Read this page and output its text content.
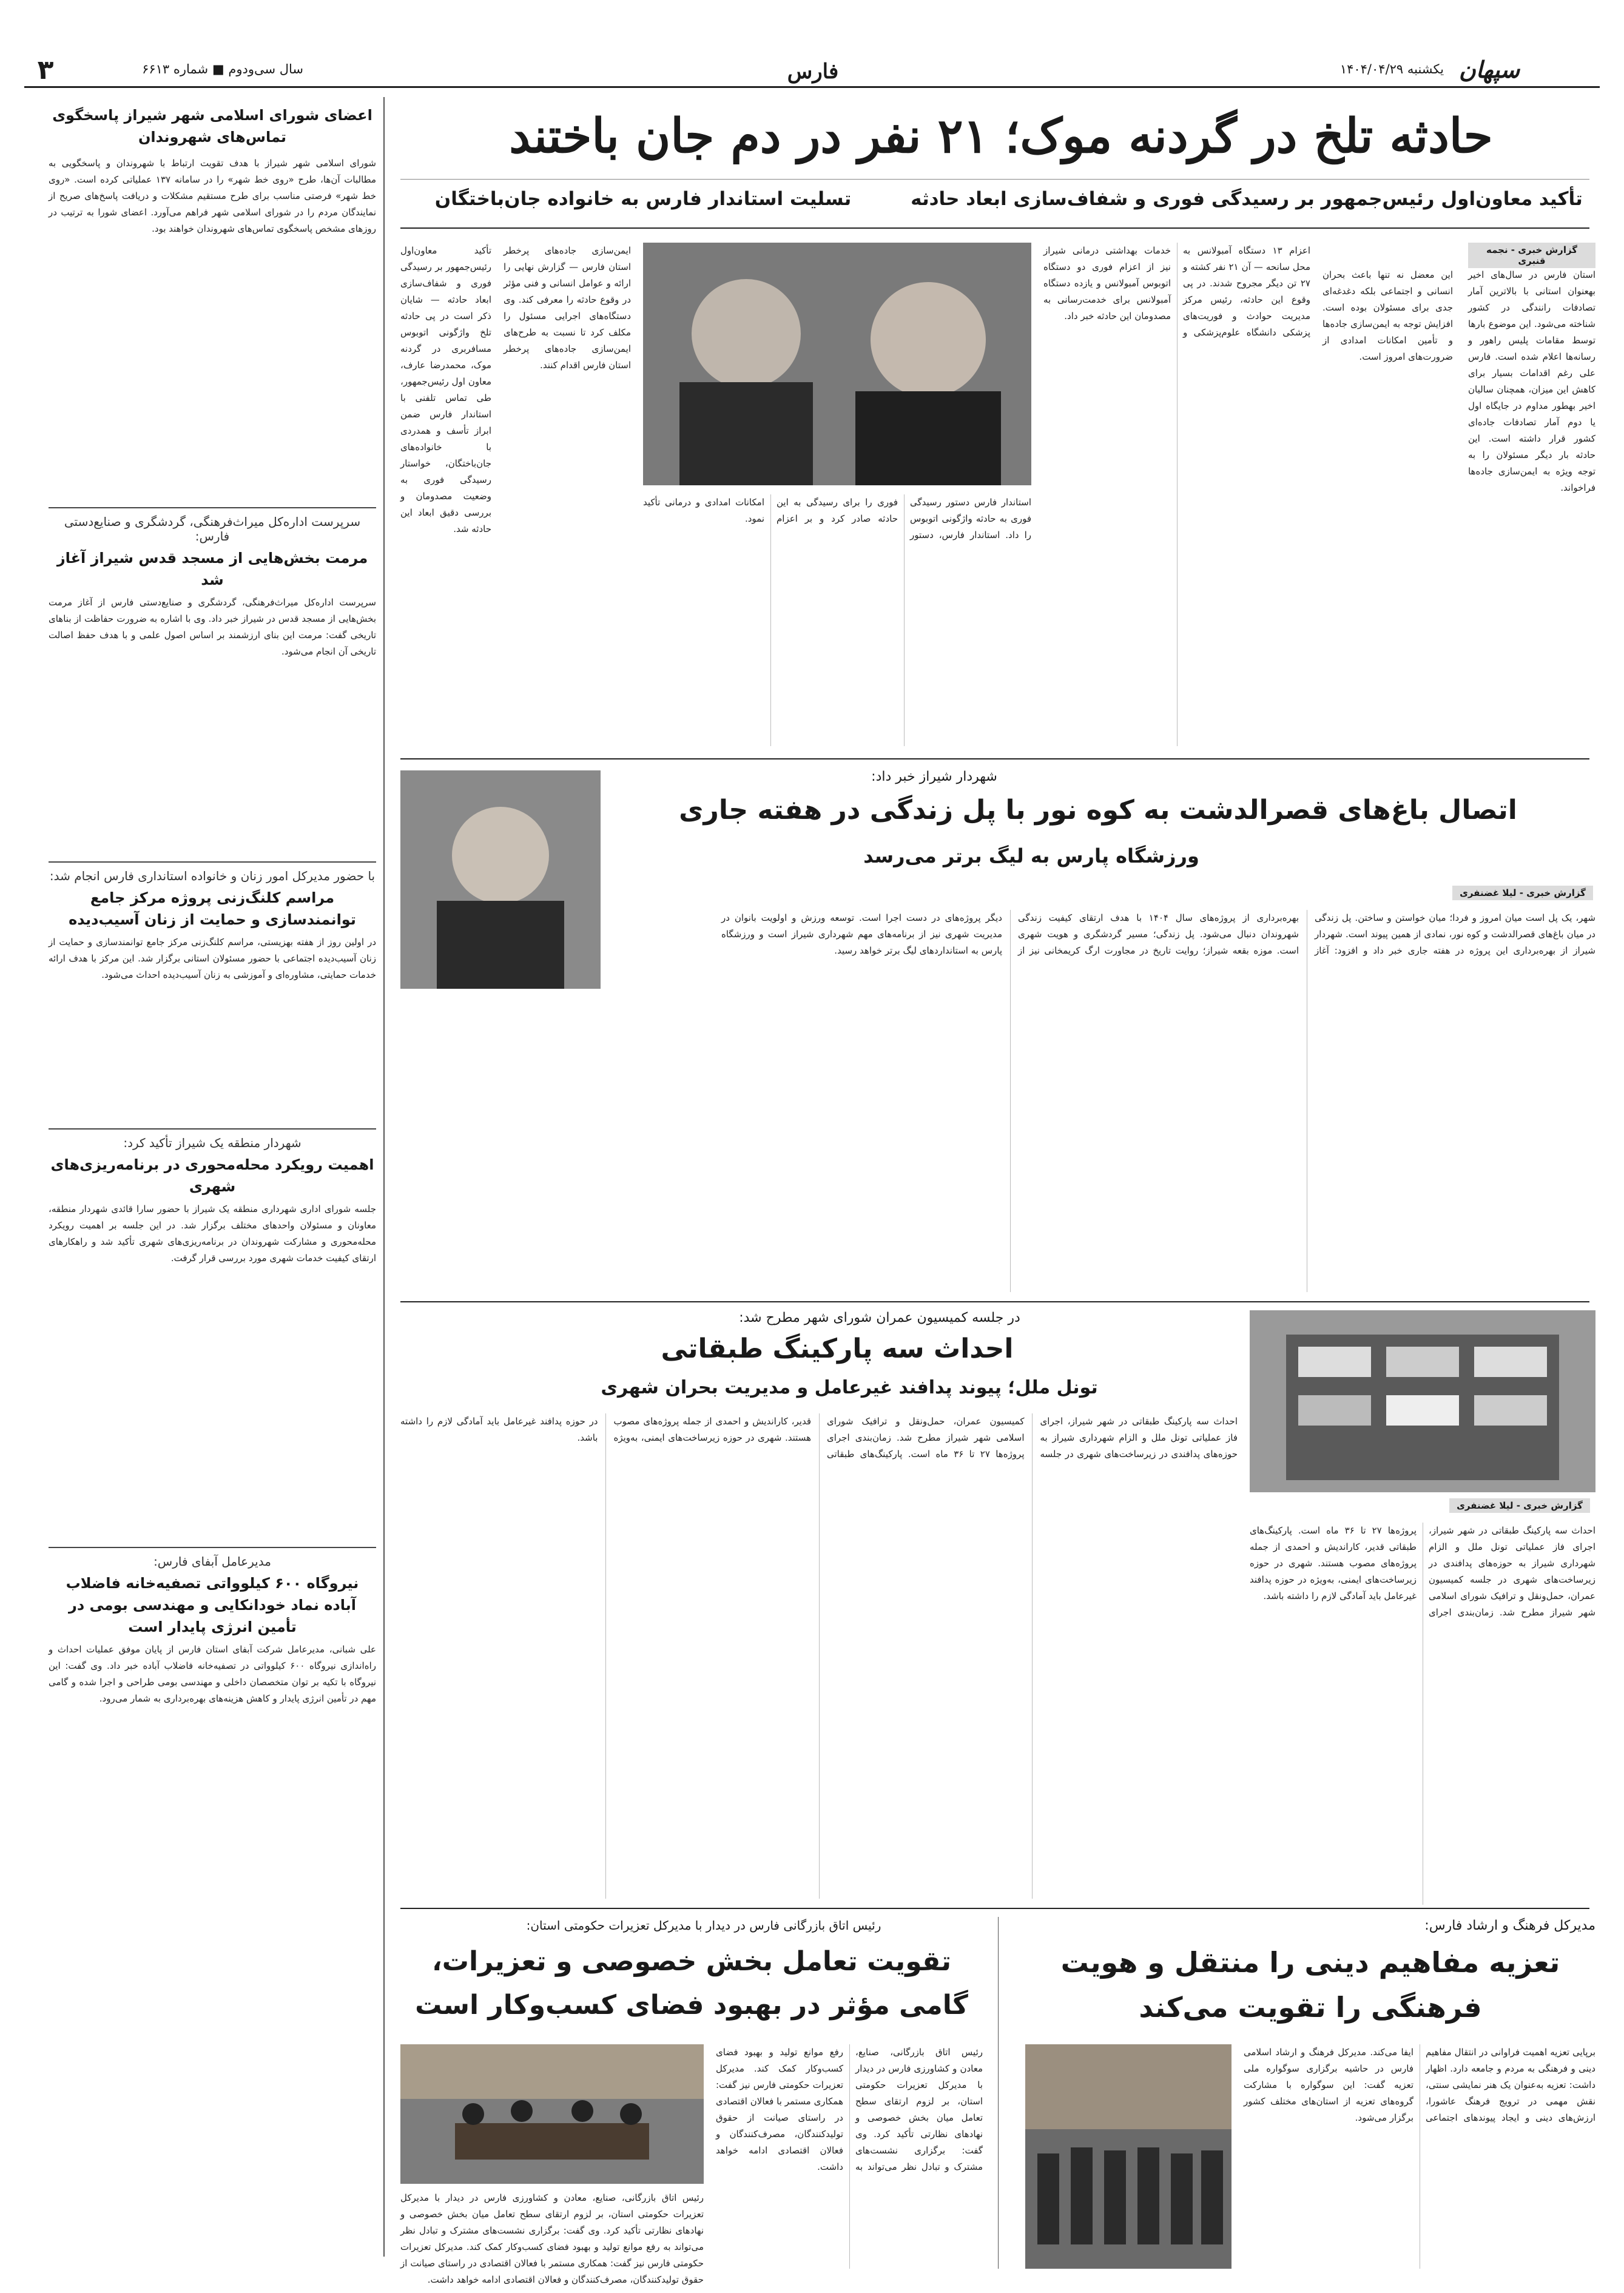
۳	سال سی‌ودوم ■ شماره ۶۶۱۳	فارس	سپهان
یکشنبه ۱۴۰۴/۰۴/۲۹
اعضای شورای اسلامی شهر شیراز پاسخگوی تماس‌های شهروندان
شورای اسلامی شهر شیراز با هدف تقویت ارتباط با شهروندان و پاسخگویی به مطالبات آن‌ها، طرح «روی خط شهر» را در سامانه ۱۳۷ عملیاتی کرده است. «روی خط شهر» فرصتی مناسب برای طرح مستقیم مشکلات و دریافت پاسخ‌های صریح از نمایندگان مردم را در شورای اسلامی شهر فراهم می‌آورد. اعضای شورا به ترتیب در روزهای مشخص پاسخگوی تماس‌های شهروندان خواهند بود.
سرپرست اداره‌کل میراث‌فرهنگی، گردشگری و صنایع‌دستی فارس:
مرمت بخش‌هایی از مسجد قدس شیراز آغاز شد
سرپرست اداره‌کل میراث‌فرهنگی، گردشگری و صنایع‌دستی فارس از آغاز مرمت بخش‌هایی از مسجد قدس در شیراز خبر داد. وی با اشاره به ضرورت حفاظت از بناهای تاریخی گفت: مرمت این بنای ارزشمند بر اساس اصول علمی و با هدف حفظ اصالت تاریخی آن انجام می‌شود.
با حضور مدیرکل امور زنان و خانواده استانداری فارس انجام شد:
مراسم کلنگ‌زنی پروژه مرکز جامع توانمندسازی و حمایت از زنان آسیب‌دیده
در اولین روز از هفته بهزیستی، مراسم کلنگ‌زنی مرکز جامع توانمندسازی و حمایت از زنان آسیب‌دیده اجتماعی با حضور مسئولان استانی برگزار شد. این مرکز با هدف ارائه خدمات حمایتی، مشاوره‌ای و آموزشی به زنان آسیب‌دیده احداث می‌شود.
شهردار منطقه یک شیراز تأکید کرد:
اهمیت رویکرد محله‌محوری در برنامه‌ریزی‌های شهری
جلسه شورای اداری شهرداری منطقه یک شیراز با حضور سارا قائدی شهردار منطقه، معاونان و مسئولان واحدهای مختلف برگزار شد. در این جلسه بر اهمیت رویکرد محله‌محوری و مشارکت شهروندان در برنامه‌ریزی‌های شهری تأکید شد و راهکارهای ارتقای کیفیت خدمات شهری مورد بررسی قرار گرفت.
مدیرعامل آبفای فارس:
نیروگاه ۶۰۰ کیلوواتی تصفیه‌خانه فاضلاب آباده نماد خودانکایی و مهندسی بومی در تأمین انرژی پایدار است
علی شبانی، مدیرعامل شرکت آبفای استان فارس از پایان موفق عملیات احداث و راه‌اندازی نیروگاه ۶۰۰ کیلوواتی در تصفیه‌خانه فاضلاب آباده خبر داد. وی گفت: این نیروگاه با تکیه بر توان متخصصان داخلی و مهندسی بومی طراحی و اجرا شده و گامی مهم در تأمین انرژی پایدار و کاهش هزینه‌های بهره‌برداری به شمار می‌رود.
حادثه تلخ در گردنه موک؛ ۲۱ نفر در دم جان باختند
تأکید معاون‌اول رئیس‌جمهور بر رسیدگی فوری و شفاف‌سازی ابعاد حادثه
تسلیت استاندار فارس به خانواده جان‌باختگان
گزارش خبری - نجمه قنبری
استان فارس در سال‌های اخیر بهعنوان استانی با بالاترین آمار تصادفات رانندگی در کشور شناخته می‌شود. این موضوع بارها توسط مقامات پلیس راهور و رسانه‌ها اعلام شده است. فارس علی رغم اقدامات بسیار برای کاهش این میزان، همچنان سالیان اخیر بهطور مداوم در جایگاه اول یا دوم آمار تصادفات جاده‌ای کشور قرار داشته است. این حادثه بار دیگر مسئولان را به توجه ویژه به ایمن‌سازی جاده‌ها فراخواند.
این معضل نه تنها باعث بحران انسانی و اجتماعی بلکه دغدغه‌ای جدی برای مسئولان بوده است. افزایش توجه به ایمن‌سازی جاده‌ها و تأمین امکانات امدادی از ضرورت‌های امروز است.
اعزام ۱۳ دستگاه آمبولانس به محل سانحه — آن ۲۱ نفر کشته و ۲۷ تن دیگر مجروح شدند. در پی وقوع این حادثه، رئیس مرکز مدیریت حوادث و فوریت‌های پزشکی دانشگاه علوم‌پزشکی و خدمات بهداشتی درمانی شیراز نیز از اعزام فوری دو دستگاه اتوبوس آمبولانس و یازده دستگاه آمبولانس برای خدمت‌رسانی به مصدومان این حادثه خبر داد.
استاندار فارس دستور رسیدگی فوری به حادثه واژگونی اتوبوس را داد. استاندار فارس، دستور فوری را برای رسیدگی به این حادثه صادر کرد و بر اعزام امکانات امدادی و درمانی تأکید نمود.
ایمن‌سازی جاده‌های پرخطر استان فارس — گزارش نهایی را ارائه و عوامل انسانی و فنی مؤثر در وقوع حادثه را معرفی کند. وی دستگاه‌های اجرایی مسئول را مکلف کرد تا نسبت به طرح‌های ایمن‌سازی جاده‌های پرخطر استان فارس اقدام کنند.
تأکید معاون‌اول رئیس‌جمهور بر رسیدگی فوری و شفاف‌سازی ابعاد حادثه — شایان ذکر است در پی حادثه تلخ واژگونی اتوبوس مسافربری در گردنه موک، محمدرضا عارف، معاون اول رئیس‌جمهور، طی تماس تلفنی با استاندار فارس ضمن ابراز تأسف و همدردی با خانواده‌های جان‌باختگان، خواستار رسیدگی فوری به وضعیت مصدومان و بررسی دقیق ابعاد این حادثه شد.
شهردار شیراز خبر داد:
اتصال باغ‌های قصرالدشت به کوه نور با پل زندگی در هفته جاری
ورزشگاه پارس به لیگ برتر می‌رسد
گزارش خبری - لیلا غضنفری
شهر، یک پل است میان امروز و فردا؛ میان خواستن و ساختن. پل زندگی در میان باغ‌های قصرالدشت و کوه نور، نمادی از همین پیوند است. شهردار شیراز از بهره‌برداری این پروژه در هفته جاری خبر داد و افزود: آغاز بهره‌برداری از پروژه‌های سال ۱۴۰۴ با هدف ارتقای کیفیت زندگی شهروندان دنبال می‌شود. پل زندگی؛ مسیر گردشگری و هویت شهری است. موزه بقعه شیراز؛ روایت تاریخ در مجاورت ارگ کریمخانی نیز از دیگر پروژه‌های در دست اجرا است. توسعه ورزش و اولویت بانوان در مدیریت شهری نیز از برنامه‌های مهم شهرداری شیراز است و ورزشگاه پارس به استانداردهای لیگ برتر خواهد رسید.
در جلسه کمیسیون عمران شورای شهر مطرح شد:
احداث سه پارکینگ طبقاتی
تونل ملل؛ پیوند پدافند غیرعامل و مدیریت بحران شهری
گزارش خبری - لیلا غضنفری
احداث سه پارکینگ طبقاتی در شهر شیراز، اجرای فاز عملیاتی تونل ملل و الزام شهرداری شیراز به حوزه‌های پدافندی در زیرساخت‌های شهری در جلسه کمیسیون عمران، حمل‌ونقل و ترافیک شورای اسلامی شهر شیراز مطرح شد. زمان‌بندی اجرای پروژه‌ها ۲۷ تا ۳۶ ماه است. پارکینگ‌های طبقاتی قدیر، کاراندیش و احمدی از جمله پروژه‌های مصوب هستند. شهری در حوزه زیرساخت‌های ایمنی، به‌ویژه در حوزه پدافند غیرعامل باید آمادگی لازم را داشته باشد.
احداث سه پارکینگ طبقاتی در شهر شیراز، اجرای فاز عملیاتی تونل ملل و الزام شهرداری شیراز به حوزه‌های پدافندی در زیرساخت‌های شهری در جلسه کمیسیون عمران، حمل‌ونقل و ترافیک شورای اسلامی شهر شیراز مطرح شد. زمان‌بندی اجرای پروژه‌ها ۲۷ تا ۳۶ ماه است. پارکینگ‌های طبقاتی قدیر، کاراندیش و احمدی از جمله پروژه‌های مصوب هستند. شهری در حوزه زیرساخت‌های ایمنی، به‌ویژه در حوزه پدافند غیرعامل باید آمادگی لازم را داشته باشد.
مدیرکل فرهنگ و ارشاد فارس:
تعزیه مفاهیم دینی را منتقل و هویت فرهنگی را تقویت می‌کند
برپایی تعزیه اهمیت فراوانی در انتقال مفاهیم دینی و فرهنگی به مردم و جامعه دارد. اظهار داشت: تعزیه به‌عنوان یک هنر نمایشی سنتی، نقش مهمی در ترویج فرهنگ عاشورا، ارزش‌های دینی و ایجاد پیوندهای اجتماعی ایفا می‌کند. مدیرکل فرهنگ و ارشاد اسلامی فارس در حاشیه برگزاری سوگواره ملی تعزیه گفت: این سوگواره با مشارکت گروه‌های تعزیه از استان‌های مختلف کشور برگزار می‌شود.
رئیس اتاق بازرگانی فارس در دیدار با مدیرکل تعزیرات حکومتی استان:
تقویت تعامل بخش خصوصی و تعزیرات، گامی مؤثر در بهبود فضای کسب‌وکار است
رئیس اتاق بازرگانی، صنایع، معادن و کشاورزی فارس در دیدار با مدیرکل تعزیرات حکومتی استان، بر لزوم ارتقای سطح تعامل میان بخش خصوصی و نهادهای نظارتی تأکید کرد. وی گفت: برگزاری نشست‌های مشترک و تبادل نظر می‌تواند به رفع موانع تولید و بهبود فضای کسب‌وکار کمک کند. مدیرکل تعزیرات حکومتی فارس نیز گفت: همکاری مستمر با فعالان اقتصادی در راستای صیانت از حقوق تولیدکنندگان، مصرف‌کنندگان و فعالان اقتصادی ادامه خواهد داشت.
رئیس اتاق بازرگانی، صنایع، معادن و کشاورزی فارس در دیدار با مدیرکل تعزیرات حکومتی استان، بر لزوم ارتقای سطح تعامل میان بخش خصوصی و نهادهای نظارتی تأکید کرد. وی گفت: برگزاری نشست‌های مشترک و تبادل نظر می‌تواند به رفع موانع تولید و بهبود فضای کسب‌وکار کمک کند. مدیرکل تعزیرات حکومتی فارس نیز گفت: همکاری مستمر با فعالان اقتصادی در راستای صیانت از حقوق تولیدکنندگان، مصرف‌کنندگان و فعالان اقتصادی ادامه خواهد داشت.
